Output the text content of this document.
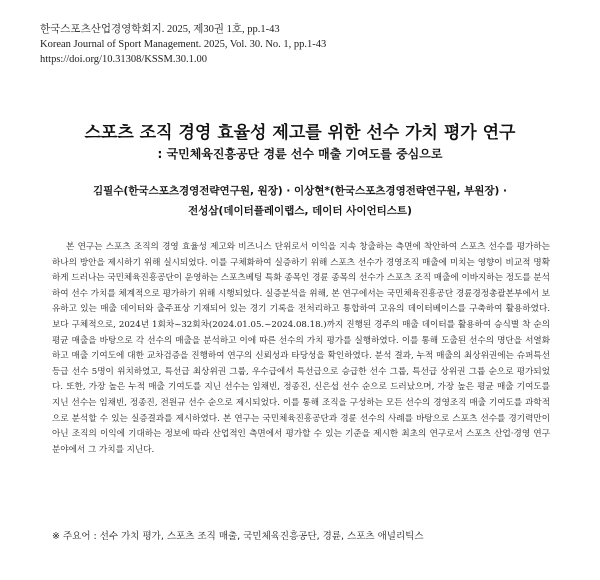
한국스포츠산업경영학회지. 2025, 제30권 1호, pp.1-43
Korean Journal of Sport Management. 2025, Vol. 30. No. 1, pp.1-43
https://doi.org/10.31308/KSSM.30.1.00
스포츠 조직 경영 효율성 제고를 위한 선수 가치 평가 연구
: 국민체육진흥공단 경륜 선수 매출 기여도를 중심으로
김필수(한국스포츠경영전략연구원, 원장) · 이상현*(한국스포츠경영전략연구원, 부원장) ·
전성삼(데이터플레이랩스, 데이터 사이언티스트)

본 연구는 스포츠 조직의 경영 효율성 제고와 비즈니스 단위로서 이익을 지속 창출하는 측면에 착안하여 스포츠 선수를 평가하는 하나의 방안을 제시하기 위해 실시되었다. 이를 구체화하여 실증하기 위해 스포츠 선수가 경영조직 매출에 미치는 영향이 비교적 명확하게 드러나는 국민체육진흥공단이 운영하는 스포츠베팅 특화 종목인 경륜 종목의 선수가 스포츠 조직 매출에 이바지하는 정도를 분석하여 선수 가치를 체계적으로 평가하기 위해 시행되었다. 실증분석을 위해, 본 연구에서는 국민체육진흥공단 경륜경정총괄본부에서 보유하고 있는 매출 데이터와 출주표상 기재되어 있는 경기 기록을 전처리하고 통합하여 고유의 데이터베이스를 구축하여 활용하였다. 보다 구체적으로, 2024년 1회차~32회차(2024.01.05.~2024.08.18.)까지 진행된 경주의 매출 데이터를 활용하여 승식별 착 순의 평균 매출을 바탕으로 각 선수의 매출을 분석하고 이에 따른 선수의 가치 평가를 실행하였다. 이를 통해 도출된 선수의 명단을 서열화하고 매출 기여도에 대한 교차검증을 진행하여 연구의 신뢰성과 타당성을 확인하였다. 분석 결과, 누적 매출의 최상위권에는 슈퍼특선 등급 선수 5명이 위치하였고, 특선급 최상위권 그룹, 우수급에서 특선급으로 승급한 선수 그룹, 특선급 상위권 그룹 순으로 평가되었다. 또한, 가장 높은 누적 매출 기여도를 지닌 선수는 임채빈, 정종진, 신은섭 선수 순으로 드러났으며, 가장 높은 평균 매출 기여도를 지닌 선수는 임채빈, 정종진, 전원규 선수 순으로 제시되었다. 이를 통해 조직을 구성하는 모든 선수의 경영조직 매출 기여도를 과학적으로 분석할 수 있는 실증결과를 제시하였다. 본 연구는 국민체육진흥공단과 경륜 선수의 사례를 바탕으로 스포츠 선수를 경기력만이 아닌 조직의 이익에 기대하는 정보에 따라 산업적인 측면에서 평가할 수 있는 기준을 제시한 최초의 연구로서 스포츠 산업·경영 연구 분야에서 그 가치를 지닌다.

※ 주요어 : 선수 가치 평가, 스포츠 조직 매출, 국민체육진흥공단, 경륜, 스포츠 애널리틱스
